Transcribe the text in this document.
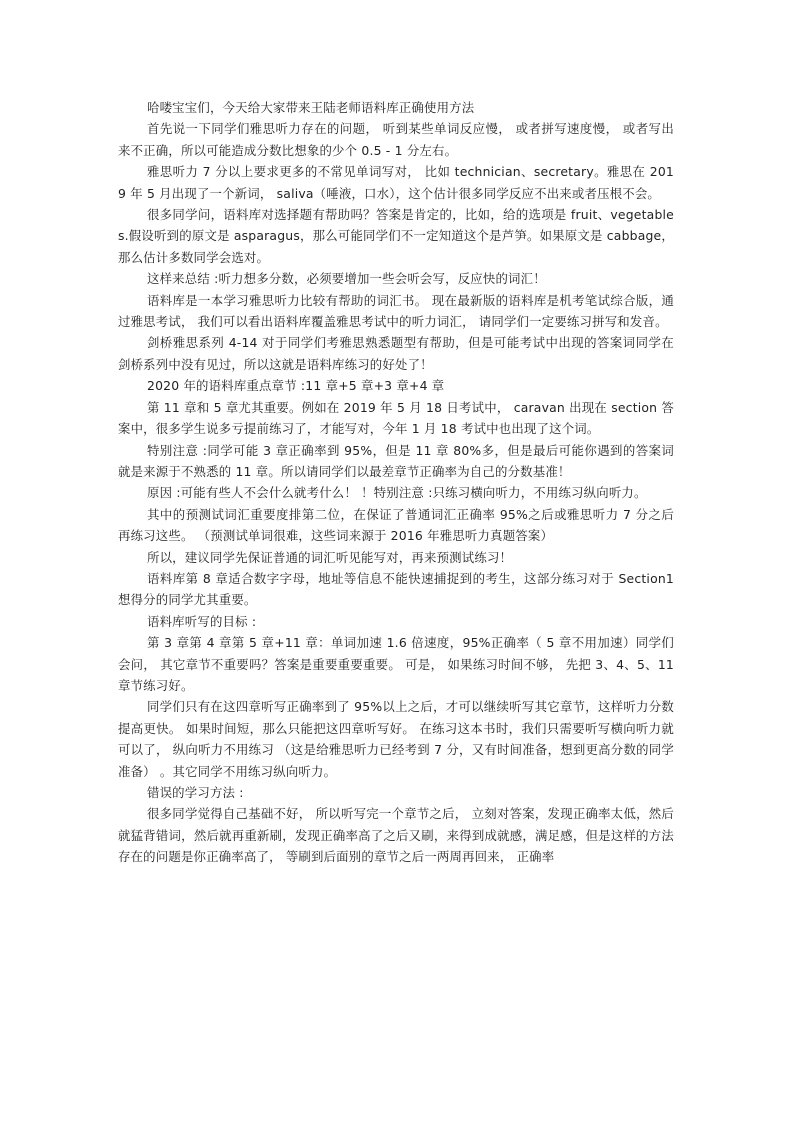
哈喽宝宝们，今天给大家带来王陆老师语料库正确使用方法

首先说一下同学们雅思听力存在的问题， 听到某些单词反应慢， 或者拼写速度慢， 或者写出来不正确，所以可能造成分数比想象的少个 0.5 - 1 分左右。

雅思听力 7 分以上要求更多的不常见单词写对， 比如 technician、secretary。雅思在 2019 年 5 月出现了一个新词， saliva（唾液，口水），这个估计很多同学反应不出来或者压根不会。

很多同学问，语料库对选择题有帮助吗？答案是肯定的，比如，给的选项是 fruit、vegetables.假设听到的原文是 asparagus，那么可能同学们不一定知道这个是芦笋。如果原文是 cabbage，那么估计多数同学会选对。

这样来总结 :听力想多分数，必须要增加一些会听会写，反应快的词汇！

语料库是一本学习雅思听力比较有帮助的词汇书。 现在最新版的语料库是机考笔试综合版，通过雅思考试， 我们可以看出语料库覆盖雅思考试中的听力词汇， 请同学们一定要练习拼写和发音。

剑桥雅思系列 4-14 对于同学们考雅思熟悉题型有帮助，但是可能考试中出现的答案词同学在剑桥系列中没有见过，所以这就是语料库练习的好处了！

2020 年的语料库重点章节 :11 章+5 章+3 章+4 章

第 11 章和 5 章尤其重要。例如在 2019 年 5 月 18 日考试中， caravan 出现在 section 答案中，很多学生说多亏提前练习了，才能写对，今年 1 月 18 考试中也出现了这个词。

特别注意 :同学可能 3 章正确率到 95%，但是 11 章 80%多，但是最后可能你遇到的答案词就是来源于不熟悉的 11 章。所以请同学们以最差章节正确率为自己的分数基准！

原因 :可能有些人不会什么就考什么！ ！特别注意 :只练习横向听力，不用练习纵向听力。

其中的预测试词汇重要度排第二位，在保证了普通词汇正确率 95%之后或雅思听力 7 分之后再练习这些。 （预测试单词很难，这些词来源于 2016 年雅思听力真题答案）

所以，建议同学先保证普通的词汇听见能写对，再来预测试练习！

语料库第 8 章适合数字字母，地址等信息不能快速捕捉到的考生，这部分练习对于 Section1 想得分的同学尤其重要。

语料库听写的目标 :

第 3 章第 4 章第 5 章+11 章：单词加速 1.6 倍速度，95%正确率（ 5 章不用加速）同学们会问， 其它章节不重要吗？答案是重要重要重要。 可是， 如果练习时间不够， 先把 3、4、5、11 章节练习好。

同学们只有在这四章听写正确率到了 95%以上之后，才可以继续听写其它章节，这样听力分数提高更快。 如果时间短，那么只能把这四章听写好。 在练习这本书时，我们只需要听写横向听力就可以了， 纵向听力不用练习 （这是给雅思听力已经考到 7 分，又有时间准备，想到更高分数的同学准备） 。其它同学不用练习纵向听力。

错误的学习方法 :

很多同学觉得自己基础不好， 所以听写完一个章节之后， 立刻对答案，发现正确率太低，然后就猛背错词，然后就再重新刷，发现正确率高了之后又刷，来得到成就感，满足感，但是这样的方法存在的问题是你正确率高了， 等刷到后面别的章节之后一两周再回来， 正确率
